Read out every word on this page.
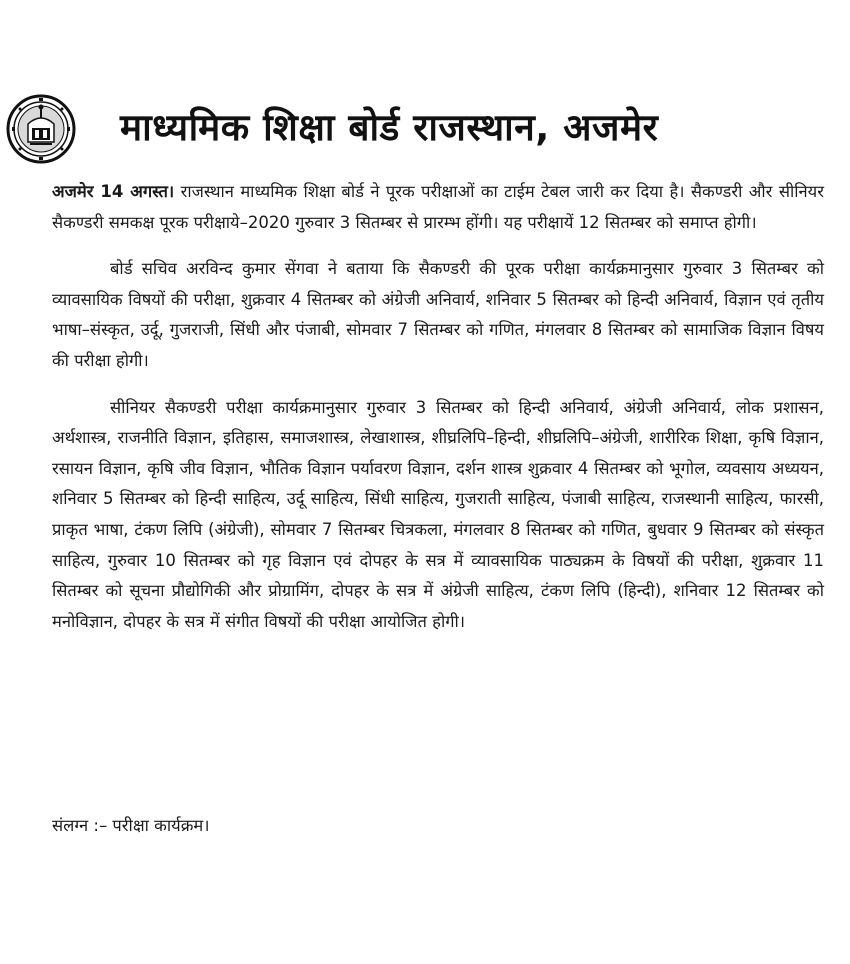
माध्यमिक शिक्षा बोर्ड राजस्थान, अजमेर

अजमेर 14 अगस्त। राजस्थान माध्यमिक शिक्षा बोर्ड ने पूरक परीक्षाओं का टाईम टेबल जारी कर दिया है। सैकण्डरी और सीनियर सैकण्डरी समकक्ष पूरक परीक्षाये–2020 गुरुवार 3 सितम्बर से प्रारम्भ होंगी। यह परीक्षायें 12 सितम्बर को समाप्त होगी।

बोर्ड सचिव अरविन्द कुमार सेंगवा ने बताया कि सैकण्डरी की पूरक परीक्षा कार्यक्रमानुसार गुरुवार 3 सितम्बर को व्यावसायिक विषयों की परीक्षा, शुक्रवार 4 सितम्बर को अंग्रेजी अनिवार्य, शनिवार 5 सितम्बर को हिन्दी अनिवार्य, विज्ञान एवं तृतीय भाषा–संस्कृत, उर्दू, गुजराजी, सिंधी और पंजाबी, सोमवार 7 सितम्बर को गणित, मंगलवार 8 सितम्बर को सामाजिक विज्ञान विषय की परीक्षा होगी।

सीनियर सैकण्डरी परीक्षा कार्यक्रमानुसार गुरुवार 3 सितम्बर को हिन्दी अनिवार्य, अंग्रेजी अनिवार्य, लोक प्रशासन, अर्थशास्त्र, राजनीति विज्ञान, इतिहास, समाजशास्त्र, लेखाशास्त्र, शीघ्रलिपि–हिन्दी, शीघ्रलिपि–अंग्रेजी, शारीरिक शिक्षा, कृषि विज्ञान, रसायन विज्ञान, कृषि जीव विज्ञान, भौतिक विज्ञान पर्यावरण विज्ञान, दर्शन शास्त्र शुक्रवार 4 सितम्बर को भूगोल, व्यवसाय अध्ययन, शनिवार 5 सितम्बर को हिन्दी साहित्य, उर्दू साहित्य, सिंधी साहित्य, गुजराती साहित्य, पंजाबी साहित्य, राजस्थानी साहित्य, फारसी, प्राकृत भाषा, टंकण लिपि (अंग्रेजी), सोमवार 7 सितम्बर चित्रकला, मंगलवार 8 सितम्बर को गणित, बुधवार 9 सितम्बर को संस्कृत साहित्य, गुरुवार 10 सितम्बर को गृह विज्ञान एवं दोपहर के सत्र में व्यावसायिक पाठ्यक्रम के विषयों की परीक्षा, शुक्रवार 11 सितम्बर को सूचना प्रौद्योगिकी और प्रोग्रामिंग, दोपहर के सत्र में अंग्रेजी साहित्य, टंकण लिपि (हिन्दी), शनिवार 12 सितम्बर को मनोविज्ञान, दोपहर के सत्र में संगीत विषयों की परीक्षा आयोजित होगी।

संलग्न :– परीक्षा कार्यक्रम।
